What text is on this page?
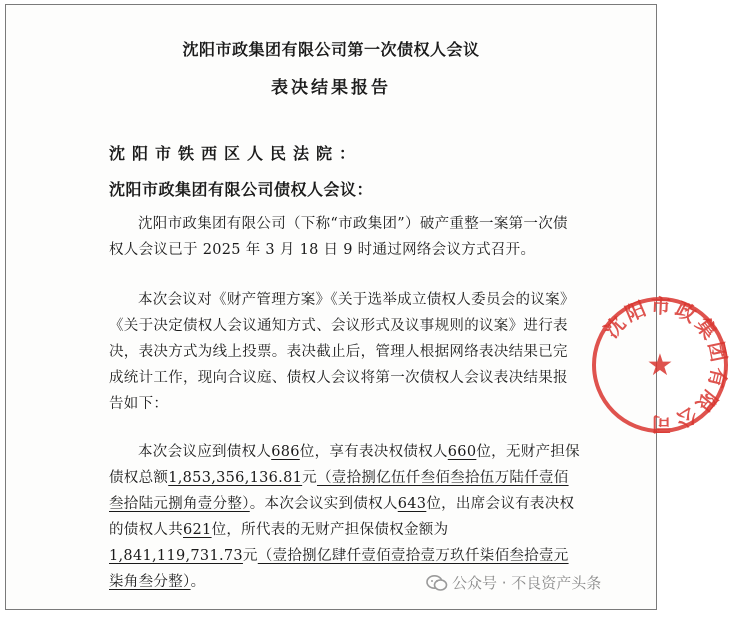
沈阳市政集团有限公司第一次债权人会议
表决结果报告
沈阳市铁西区人民法院：
沈阳市政集团有限公司债权人会议：

沈阳市政集团有限公司（下称“市政集团”）破产重整一案第一次债权人会议已于 2025 年 3 月 18 日 9 时通过网络会议方式召开。

本次会议对《财产管理方案》《关于选举成立债权人委员会的议案》《关于决定债权人会议通知方式、会议形式及议事规则的议案》进行表决，表决方式为线上投票。表决截止后，管理人根据网络表决结果已完成统计工作，现向合议庭、债权人会议将第一次债权人会议表决结果报告如下：

本次会议应到债权人686位，享有表决权债权人660位，无财产担保债权总额1,853,356,136.81元（壹拾捌亿伍仟叁佰叁拾伍万陆仟壹佰叁拾陆元捌角壹分整）。本次会议实到债权人643位，出席会议有表决权的债权人共621位，所代表的无财产担保债权金额为1,841,119,731.73元（壹拾捌亿肆仟壹佰壹拾壹万玖仟柒佰叁拾壹元柒角叁分整）。

沈阳市政集团有限公司
★
公众号 · 不良资产头条
